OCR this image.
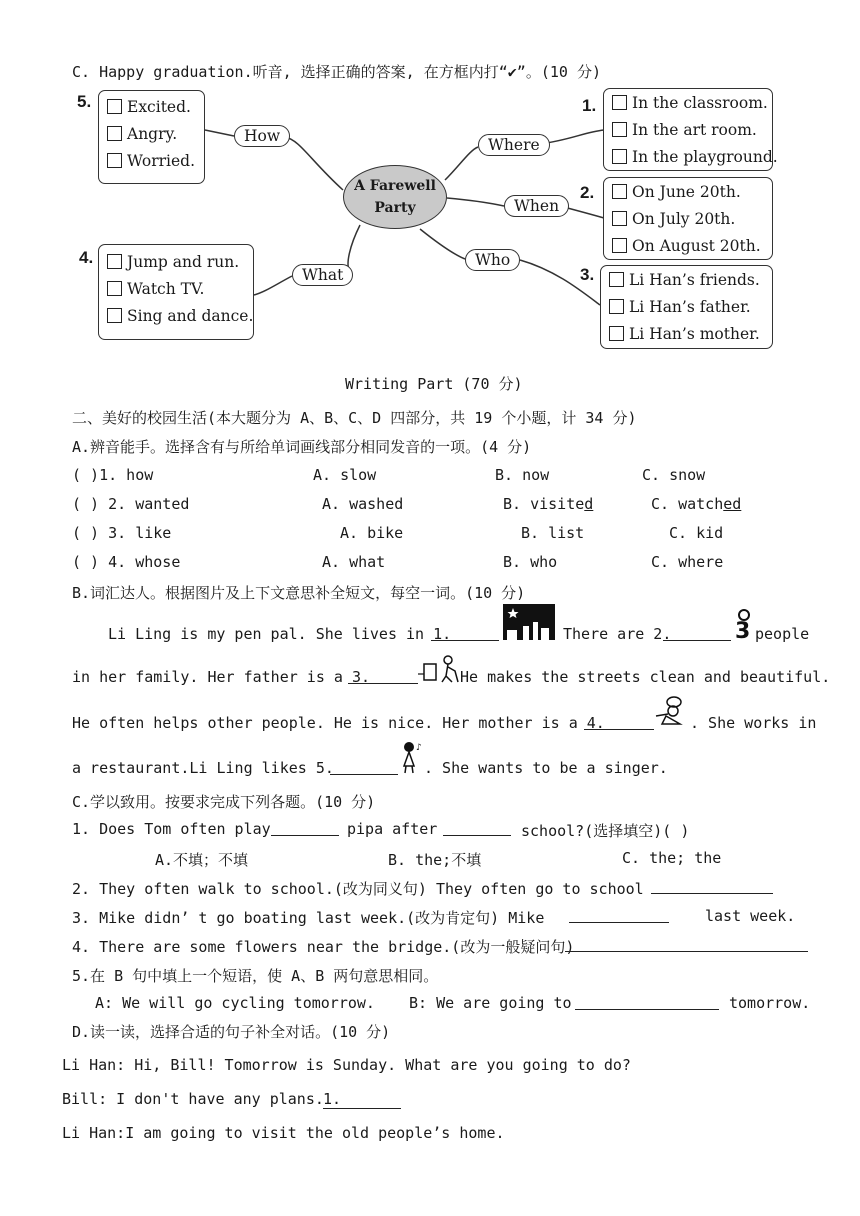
C. Happy graduation.听音, 选择正确的答案, 在方框内打“✔”。(10 分)
A Farewell
Party
5.	Excited.
Angry.
Worried.
How	Where
1.	In the classroom.
In the art room.
In the playground.
When
2.	On June 20th.
On July 20th.
On August 20th.
Who
3.	Li Han’s friends.
Li Han’s father.
Li Han’s mother.
What
4.	Jump and run.
Watch TV.
Sing and dance.
Writing Part (70 分)
二、美好的校园生活(本大题分为 A、B、C、D 四部分，共 19 个小题，计 34 分)
A.辨音能手。选择含有与所给单词画线部分相同发音的一项。(4 分)
( )1. how	A. slow	B. now	C. snow
( ) 2. wanted	A. washed	B. visited	C. watched
( ) 3. like	A. bike	B. list	C. kid
( ) 4. whose	A. what	B. who	C. where
B.词汇达人。根据图片及上下文意思补全短文，每空一词。(10 分)
Li Ling is my pen pal. She lives in 1.	There are 2.	3 people
in her family. Her father is a 3.	He makes the streets clean and beautiful.
He often helps other people. He is nice. Her mother is a 4.	. She works in
a restaurant.Li Ling likes 5.
♪
. She wants to be a singer.
C.学以致用。按要求完成下列各题。(10 分)
1. Does Tom often play	pipa after	school?(选择填空)( )
A.不填；不填	B. the;不填	C. the; the
2. They often walk to school.(改为同义句) They often go to school
3. Mike didn’ t go boating last week.(改为肯定句) Mike	last week.
4. There are some flowers near the bridge.(改为一般疑问句)
5.在 B 句中填上一个短语，使 A、B 两句意思相同。
A: We will go cycling tomorrow. B: We are going to	tomorrow.
D.读一读，选择合适的句子补全对话。(10 分)
Li Han: Hi, Bill! Tomorrow is Sunday. What are you going to do?
Bill: I don't have any plans. 1.
Li Han:I am going to visit the old people’s home.
